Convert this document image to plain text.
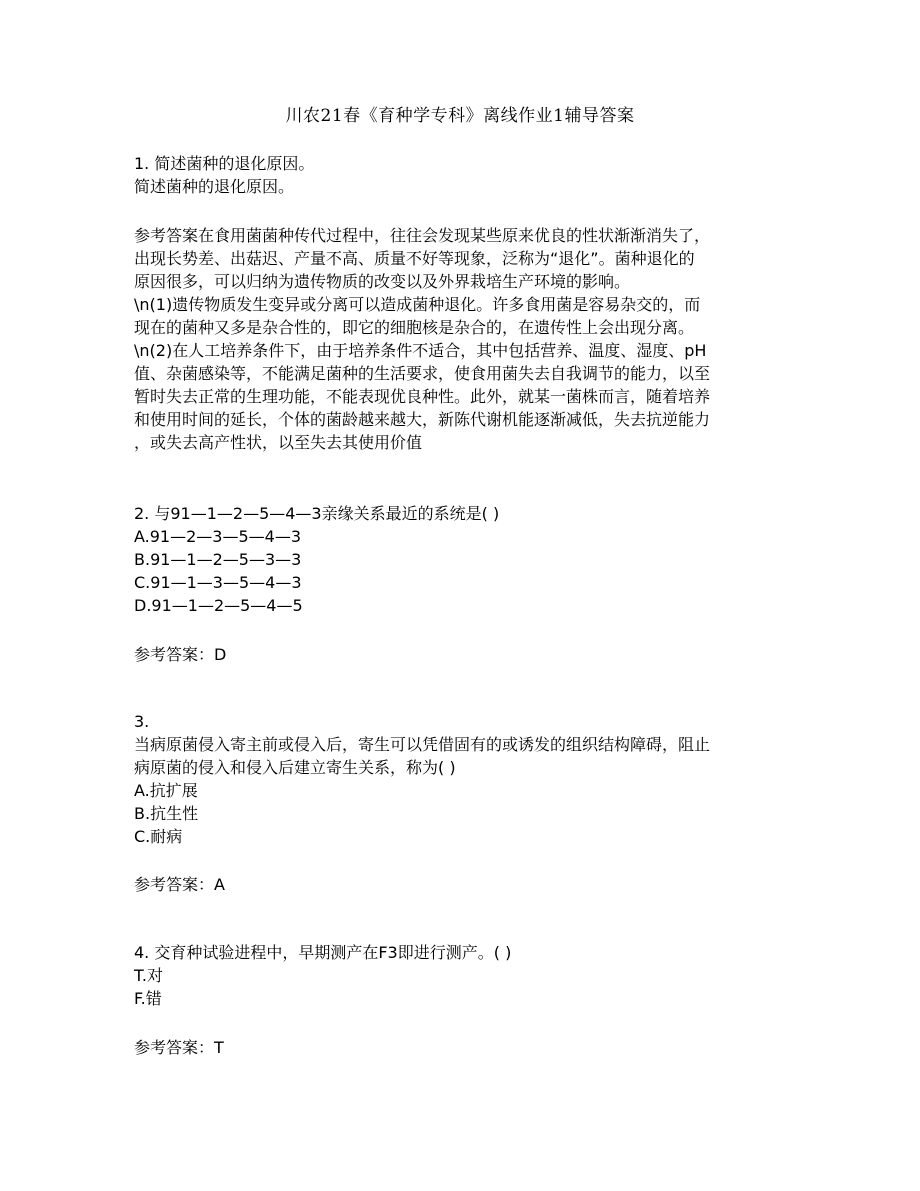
川农21春《育种学专科》离线作业1辅导答案
1. 简述菌种的退化原因。
简述菌种的退化原因。
参考答案在食用菌菌种传代过程中，往往会发现某些原来优良的性状渐渐消失了，
出现长势差、出菇迟、产量不高、质量不好等现象，泛称为“退化”。菌种退化的
原因很多，可以归纳为遗传物质的改变以及外界栽培生产环境的影响。
\n(1)遗传物质发生变异或分离可以造成菌种退化。许多食用菌是容易杂交的，而
现在的菌种又多是杂合性的，即它的细胞核是杂合的，在遗传性上会出现分离。
\n(2)在人工培养条件下，由于培养条件不适合，其中包括营养、温度、湿度、pH
值、杂菌感染等，不能满足菌种的生活要求，使食用菌失去自我调节的能力，以至
暂时失去正常的生理功能，不能表现优良种性。此外，就某一菌株而言，随着培养
和使用时间的延长，个体的菌龄越来越大，新陈代谢机能逐渐减低，失去抗逆能力
，或失去高产性状，以至失去其使用价值
2. 与91—1—2—5—4—3亲缘关系最近的系统是( )
A.91—2—3—5—4—3
B.91—1—2—5—3—3
C.91—1—3—5—4—3
D.91—1—2—5—4—5
参考答案：D
3.
当病原菌侵入寄主前或侵入后，寄生可以凭借固有的或诱发的组织结构障碍，阻止
病原菌的侵入和侵入后建立寄生关系，称为( )
A.抗扩展
B.抗生性
C.耐病
参考答案：A
4. 交育种试验进程中，早期测产在F3即进行测产。( )
T.对
F.错
参考答案：T
